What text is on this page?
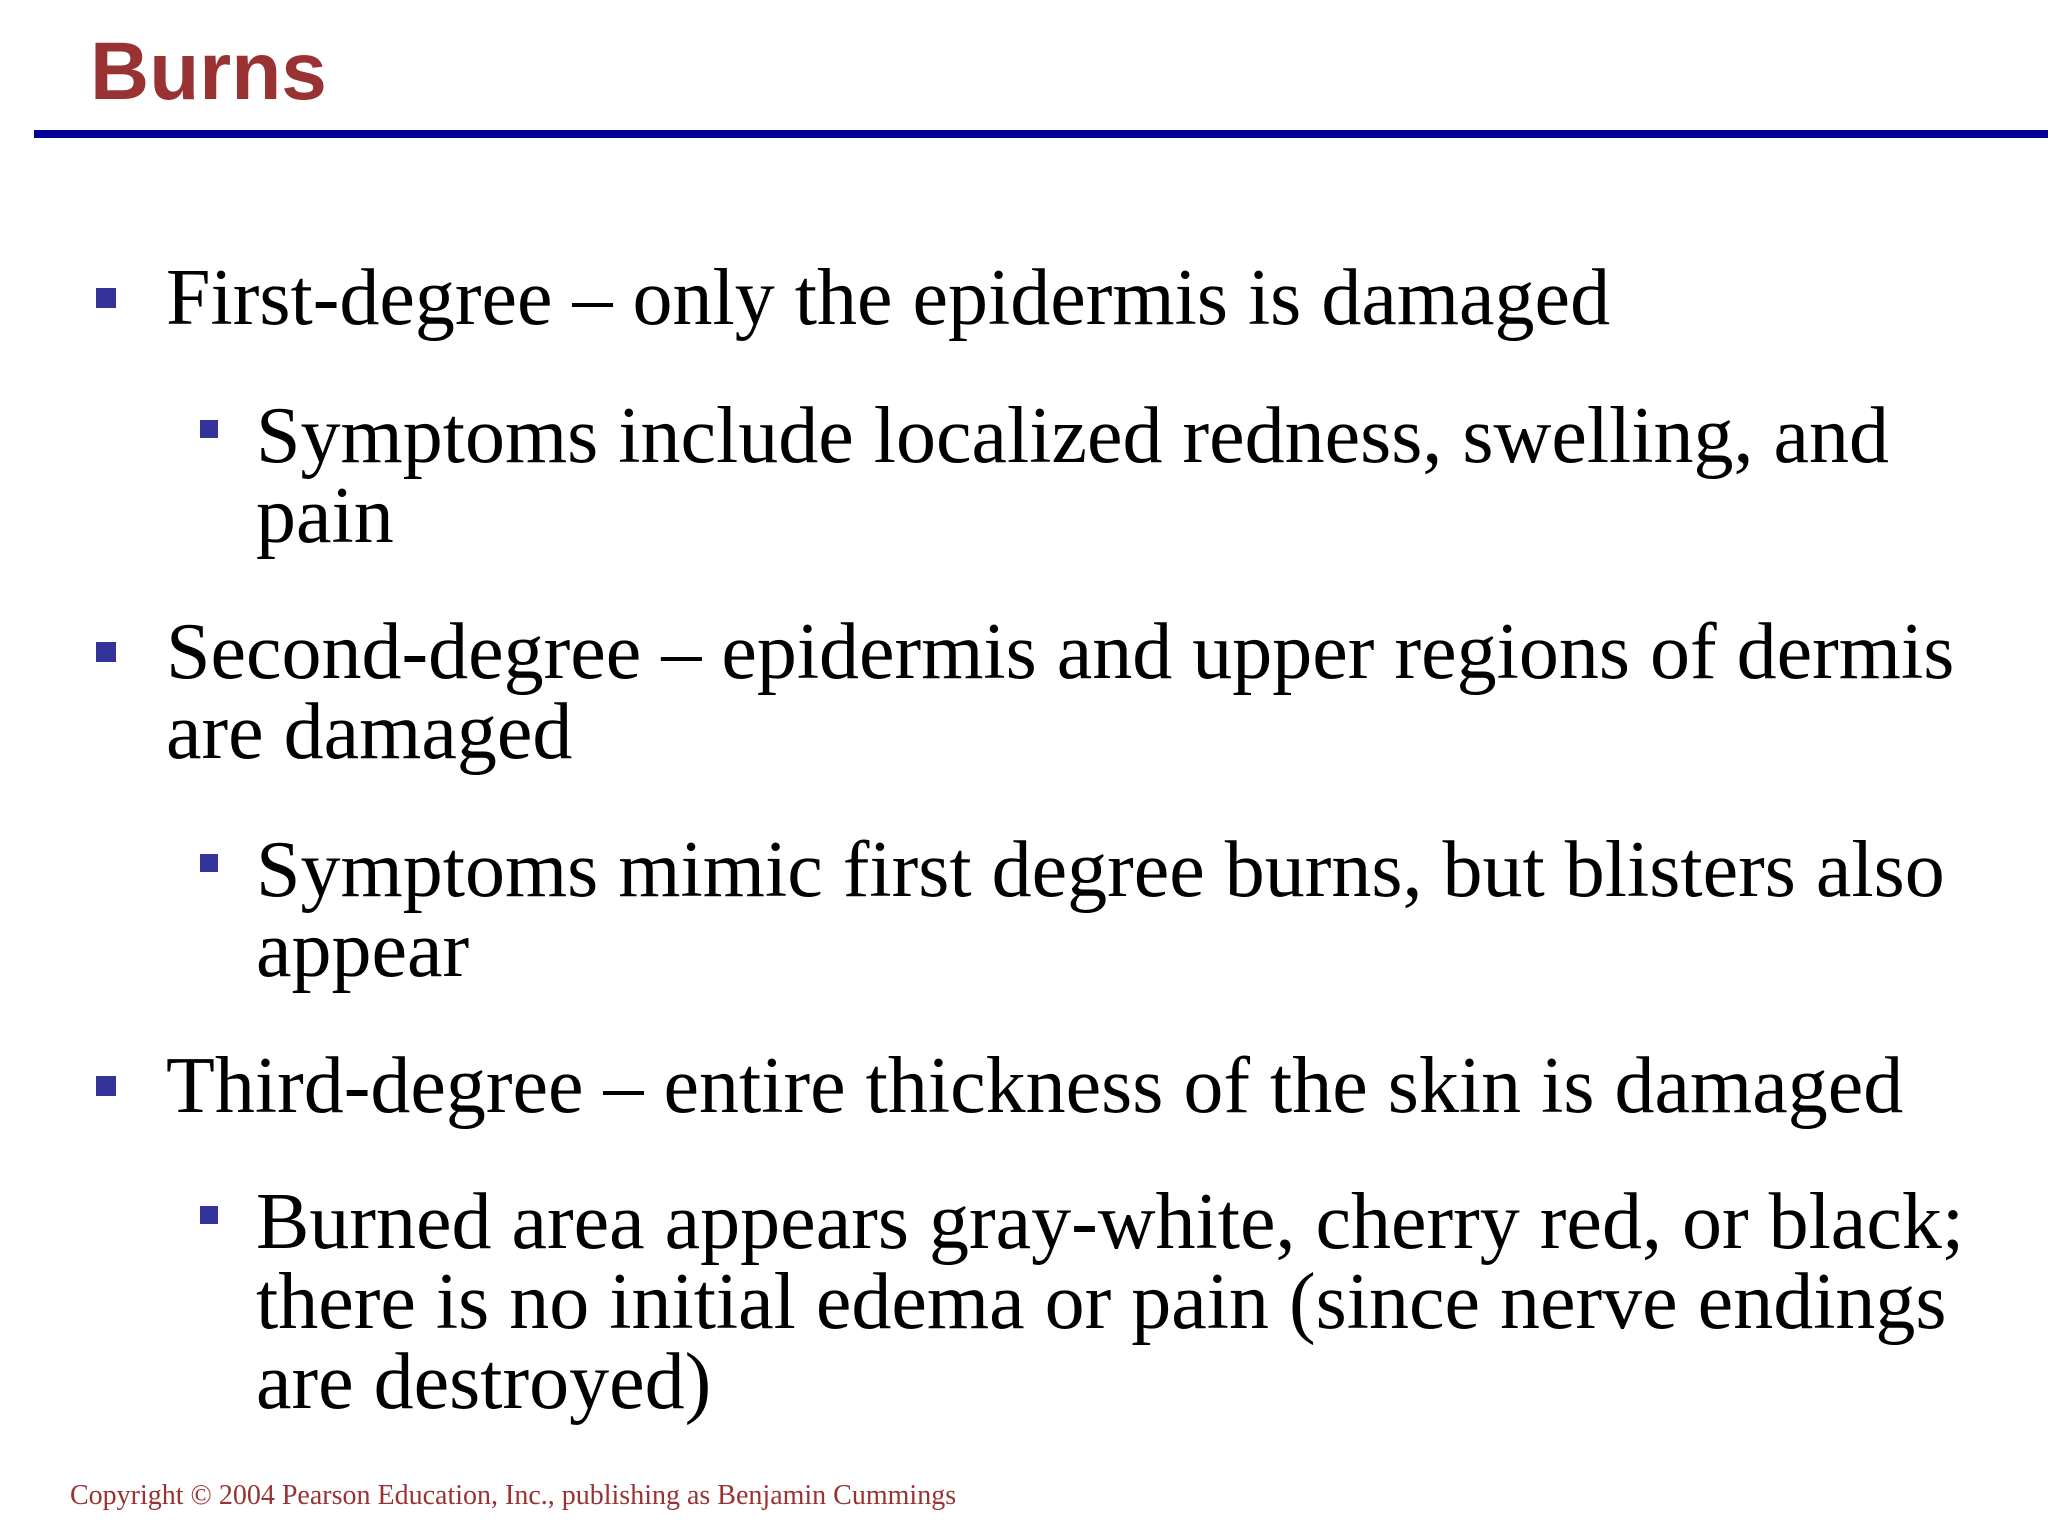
Burns
First-degree – only the epidermis is damaged
Symptoms include localized redness, swelling, and pain
Second-degree – epidermis and upper regions of dermis are damaged
Symptoms mimic first degree burns, but blisters also appear
Third-degree – entire thickness of the skin is damaged
Burned area appears gray-white, cherry red, or black; there is no initial edema or pain (since nerve endings are destroyed)
Copyright © 2004 Pearson Education, Inc., publishing as Benjamin Cummings
